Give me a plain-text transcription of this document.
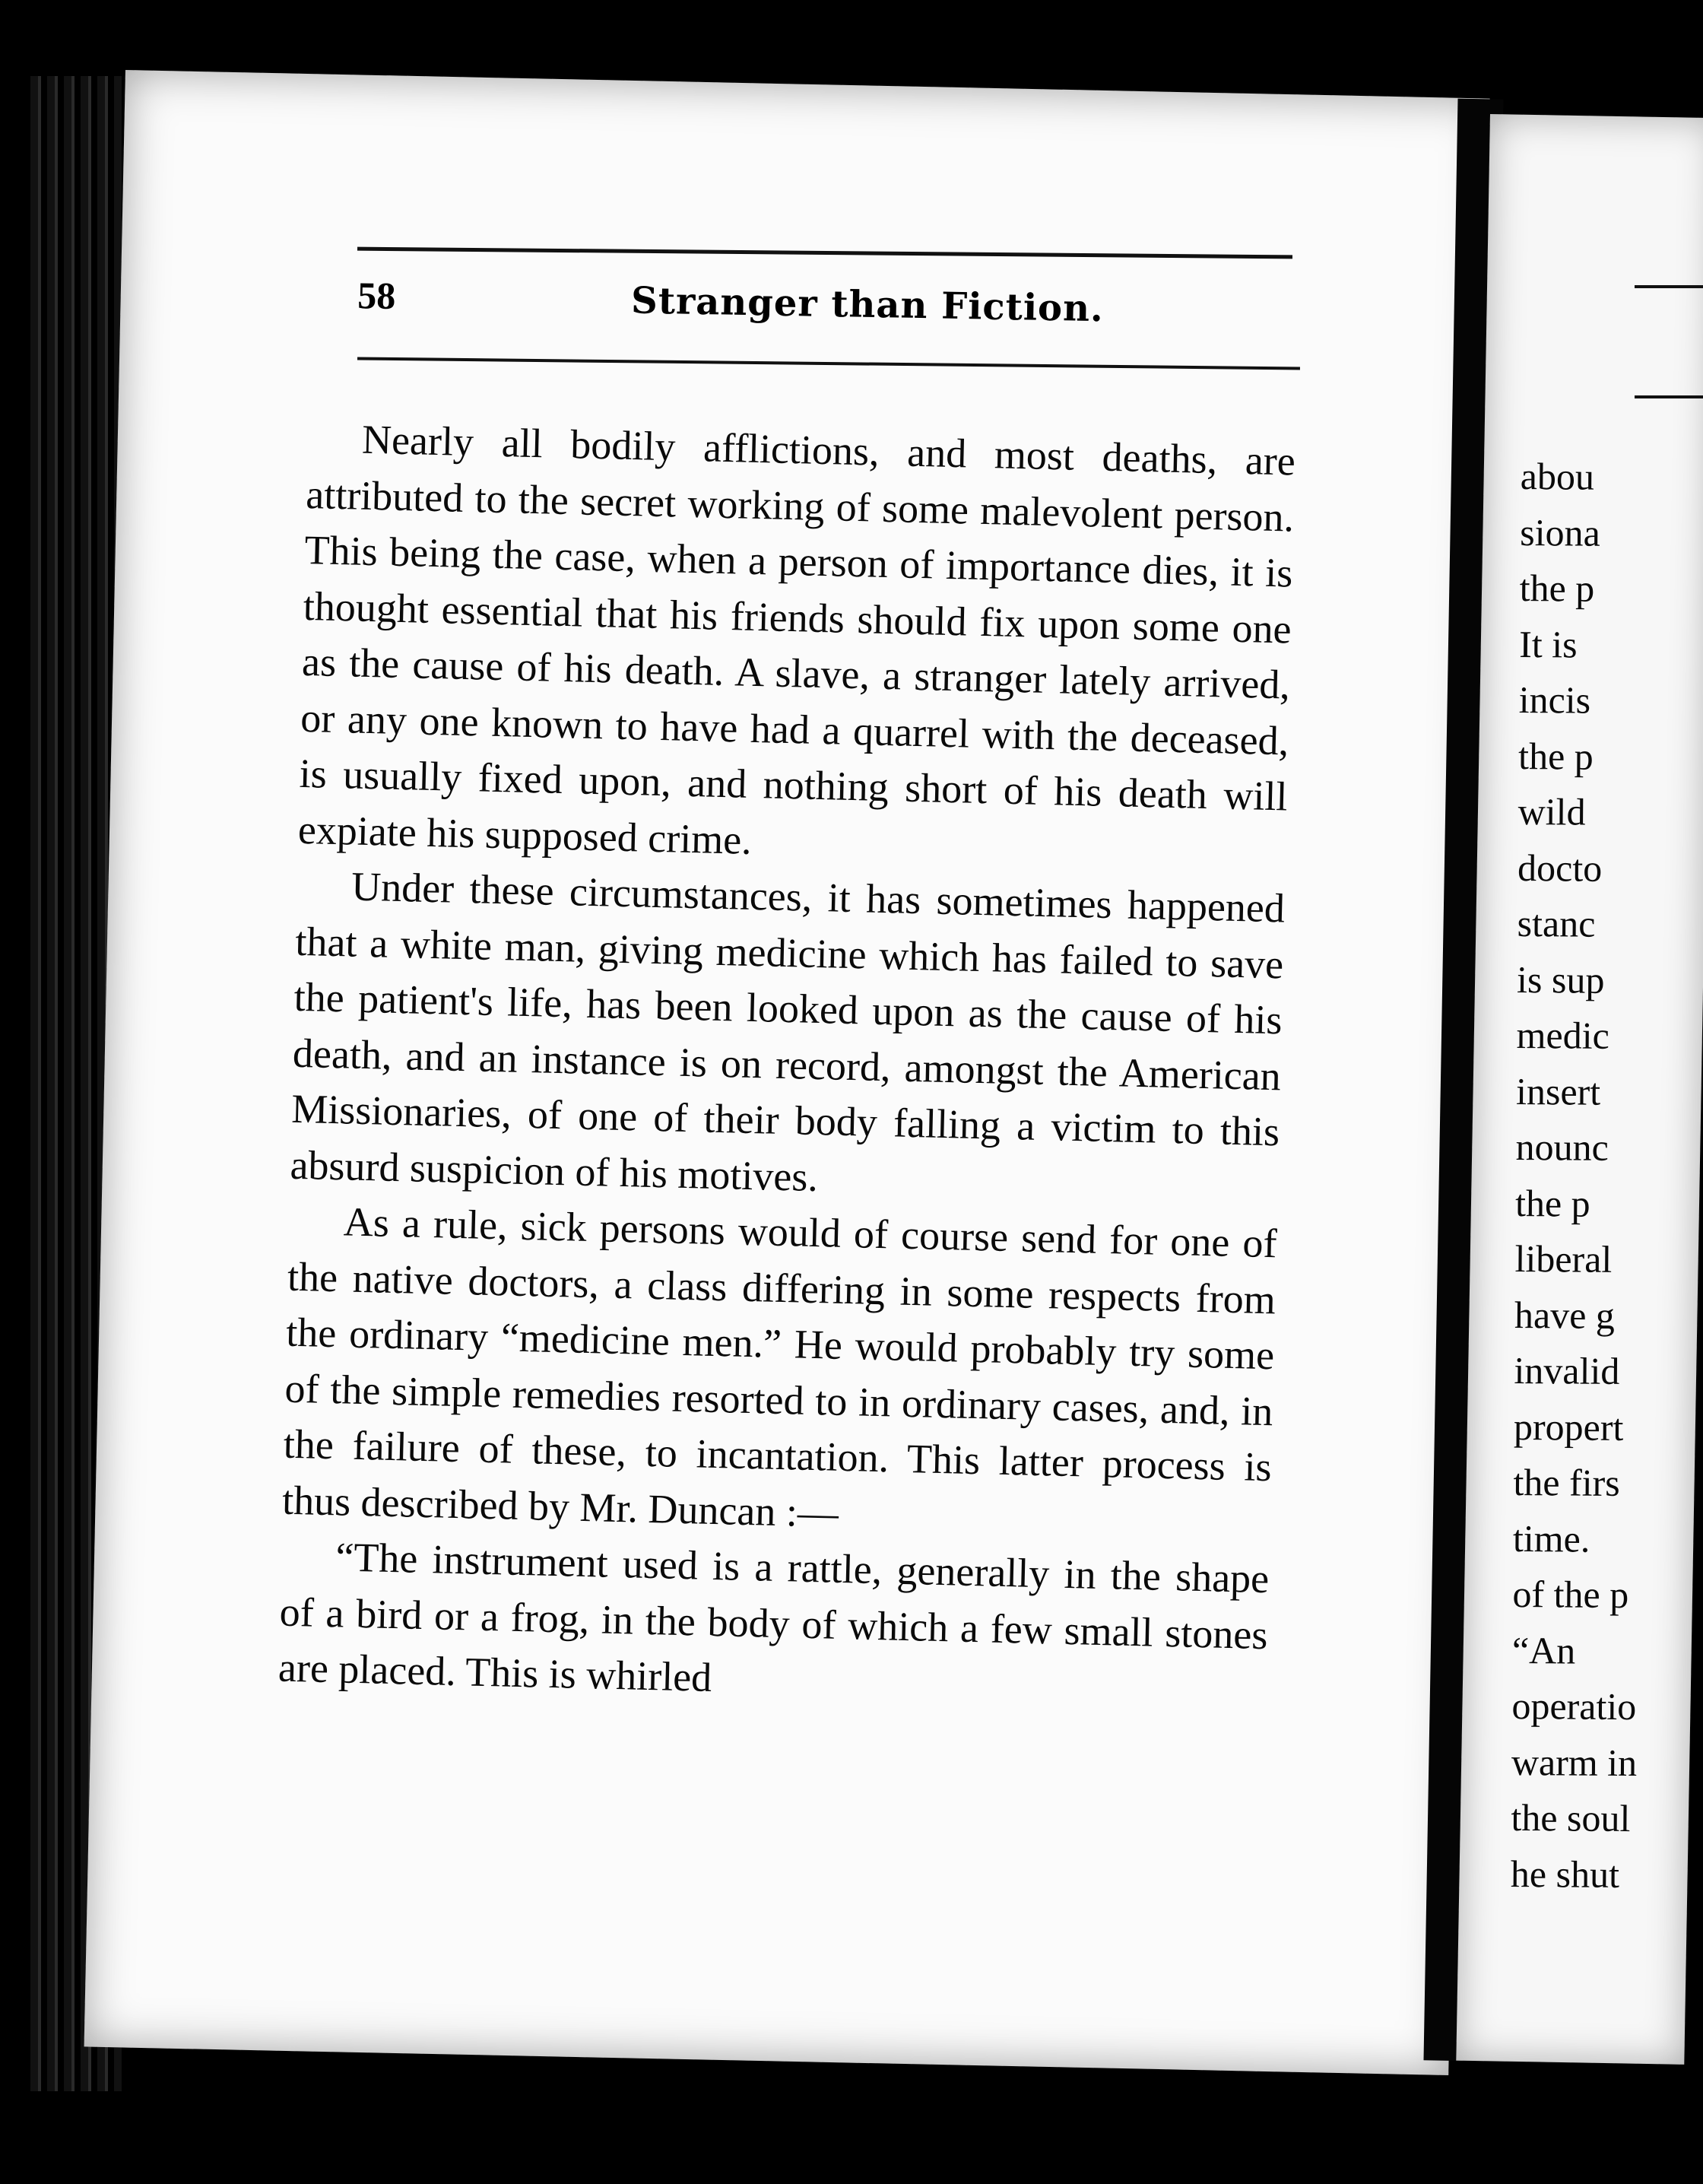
58	Stranger than Fiction.

Nearly all bodily afflictions, and most deaths, are attributed to the secret working of some malevolent person. This being the case, when a person of importance dies, it is thought essential that his friends should fix upon some one as the cause of his death. A slave, a stranger lately arrived, or any one known to have had a quarrel with the deceased, is usually fixed upon, and nothing short of his death will expiate his supposed crime.

Under these circumstances, it has sometimes happened that a white man, giving medicine which has failed to save the patient's life, has been looked upon as the cause of his death, and an instance is on record, amongst the American Missionaries, of one of their body falling a victim to this absurd suspicion of his motives.

As a rule, sick persons would of course send for one of the native doctors, a class differing in some respects from the ordinary “medicine men.” He would probably try some of the simple remedies resorted to in ordinary cases, and, in the failure of these, to incantation. This latter process is thus described by Mr. Duncan :—

“The instrument used is a rattle, generally in the shape of a bird or a frog, in the body of which a few small stones are placed. This is whirled

abou
siona
the p
It is
incis
the p
wild
docto
stanc
is sup
medic
insert
nounc
the p
liberal
have g
invalid
propert
the firs
time.
of the p
“An
operatio
warm in
the soul
he shut
